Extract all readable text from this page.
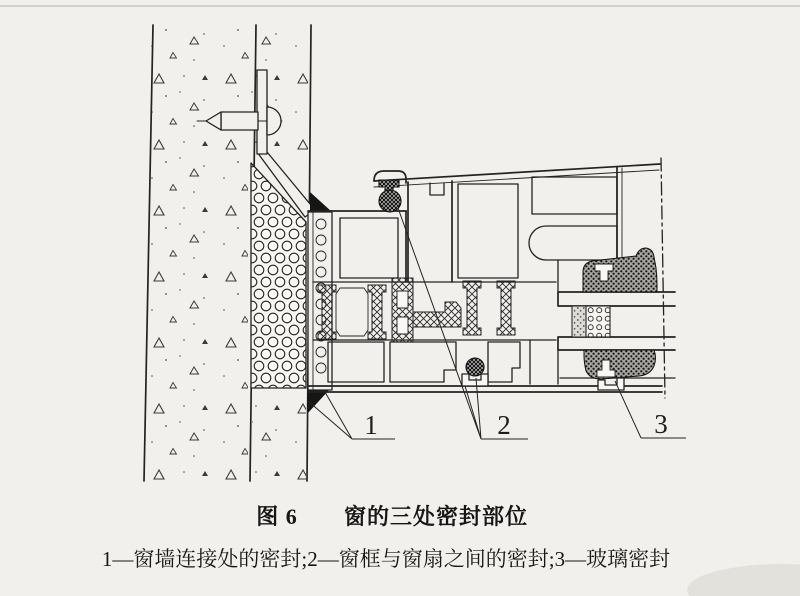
1	2	3
图 6 窗的三处密封部位
1—窗墙连接处的密封;2—窗框与窗扇之间的密封;3—玻璃密封
